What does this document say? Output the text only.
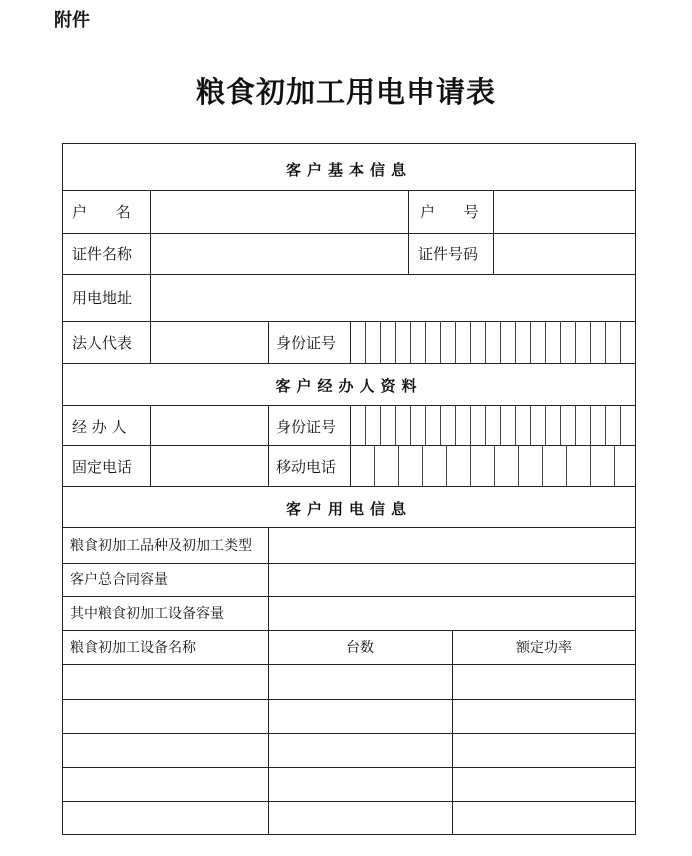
附件
粮食初加工用电申请表
客户基本信息
客户经办人资料
客户用电信息
户 名	户 号
证件名称	证件号码
用电地址
法人代表	身份证号
经 办 人	身份证号
固定电话	移动电话
粮食初加工品种及初加工类型
客户总合同容量
其中粮食初加工设备容量
粮食初加工设备名称	台数	额定功率
